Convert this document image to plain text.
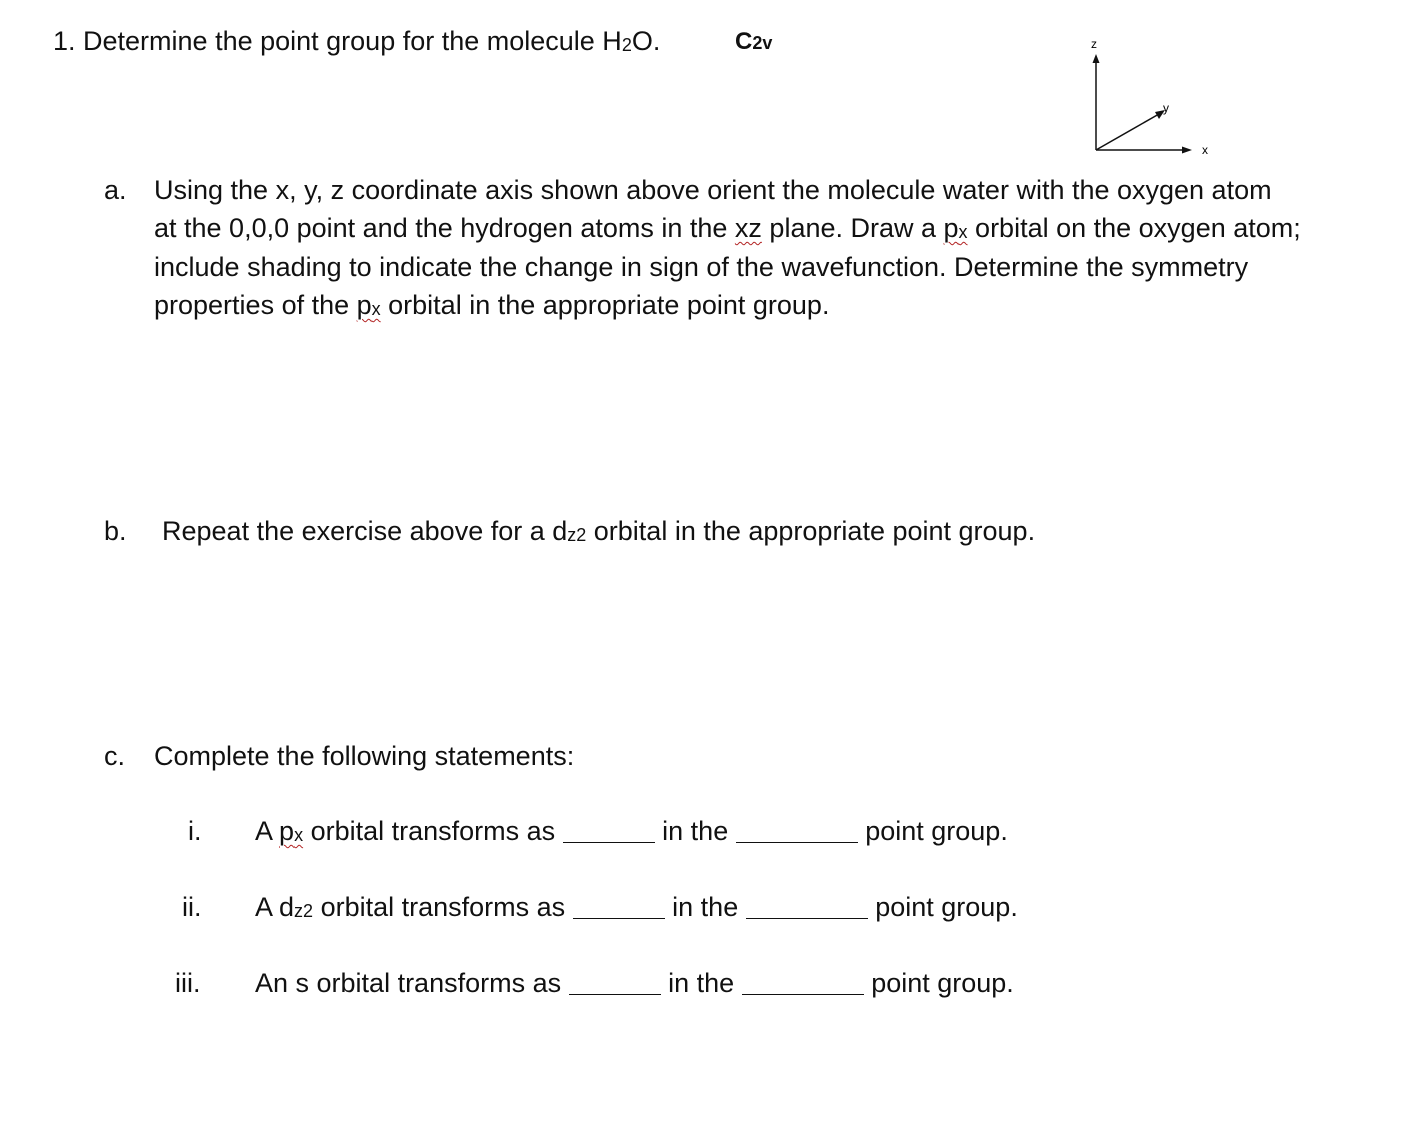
1. Determine the point group for the molecule H2O.	C2v	z
y
x
a. Using the x, y, z coordinate axis shown above orient the molecule water with the oxygen atom
at the 0,0,0 point and the hydrogen atoms in the xz plane. Draw a px orbital on the oxygen atom;
include shading to indicate the change in sign of the wavefunction. Determine the symmetry
properties of the px orbital in the appropriate point group.
b. Repeat the exercise above for a dz2 orbital in the appropriate point group.
c. Complete the following statements:
i. A px orbital transforms as	in the	point group.
ii. A dz2 orbital transforms as	in the	point group.
iii. An s orbital transforms as	in the	point group.
